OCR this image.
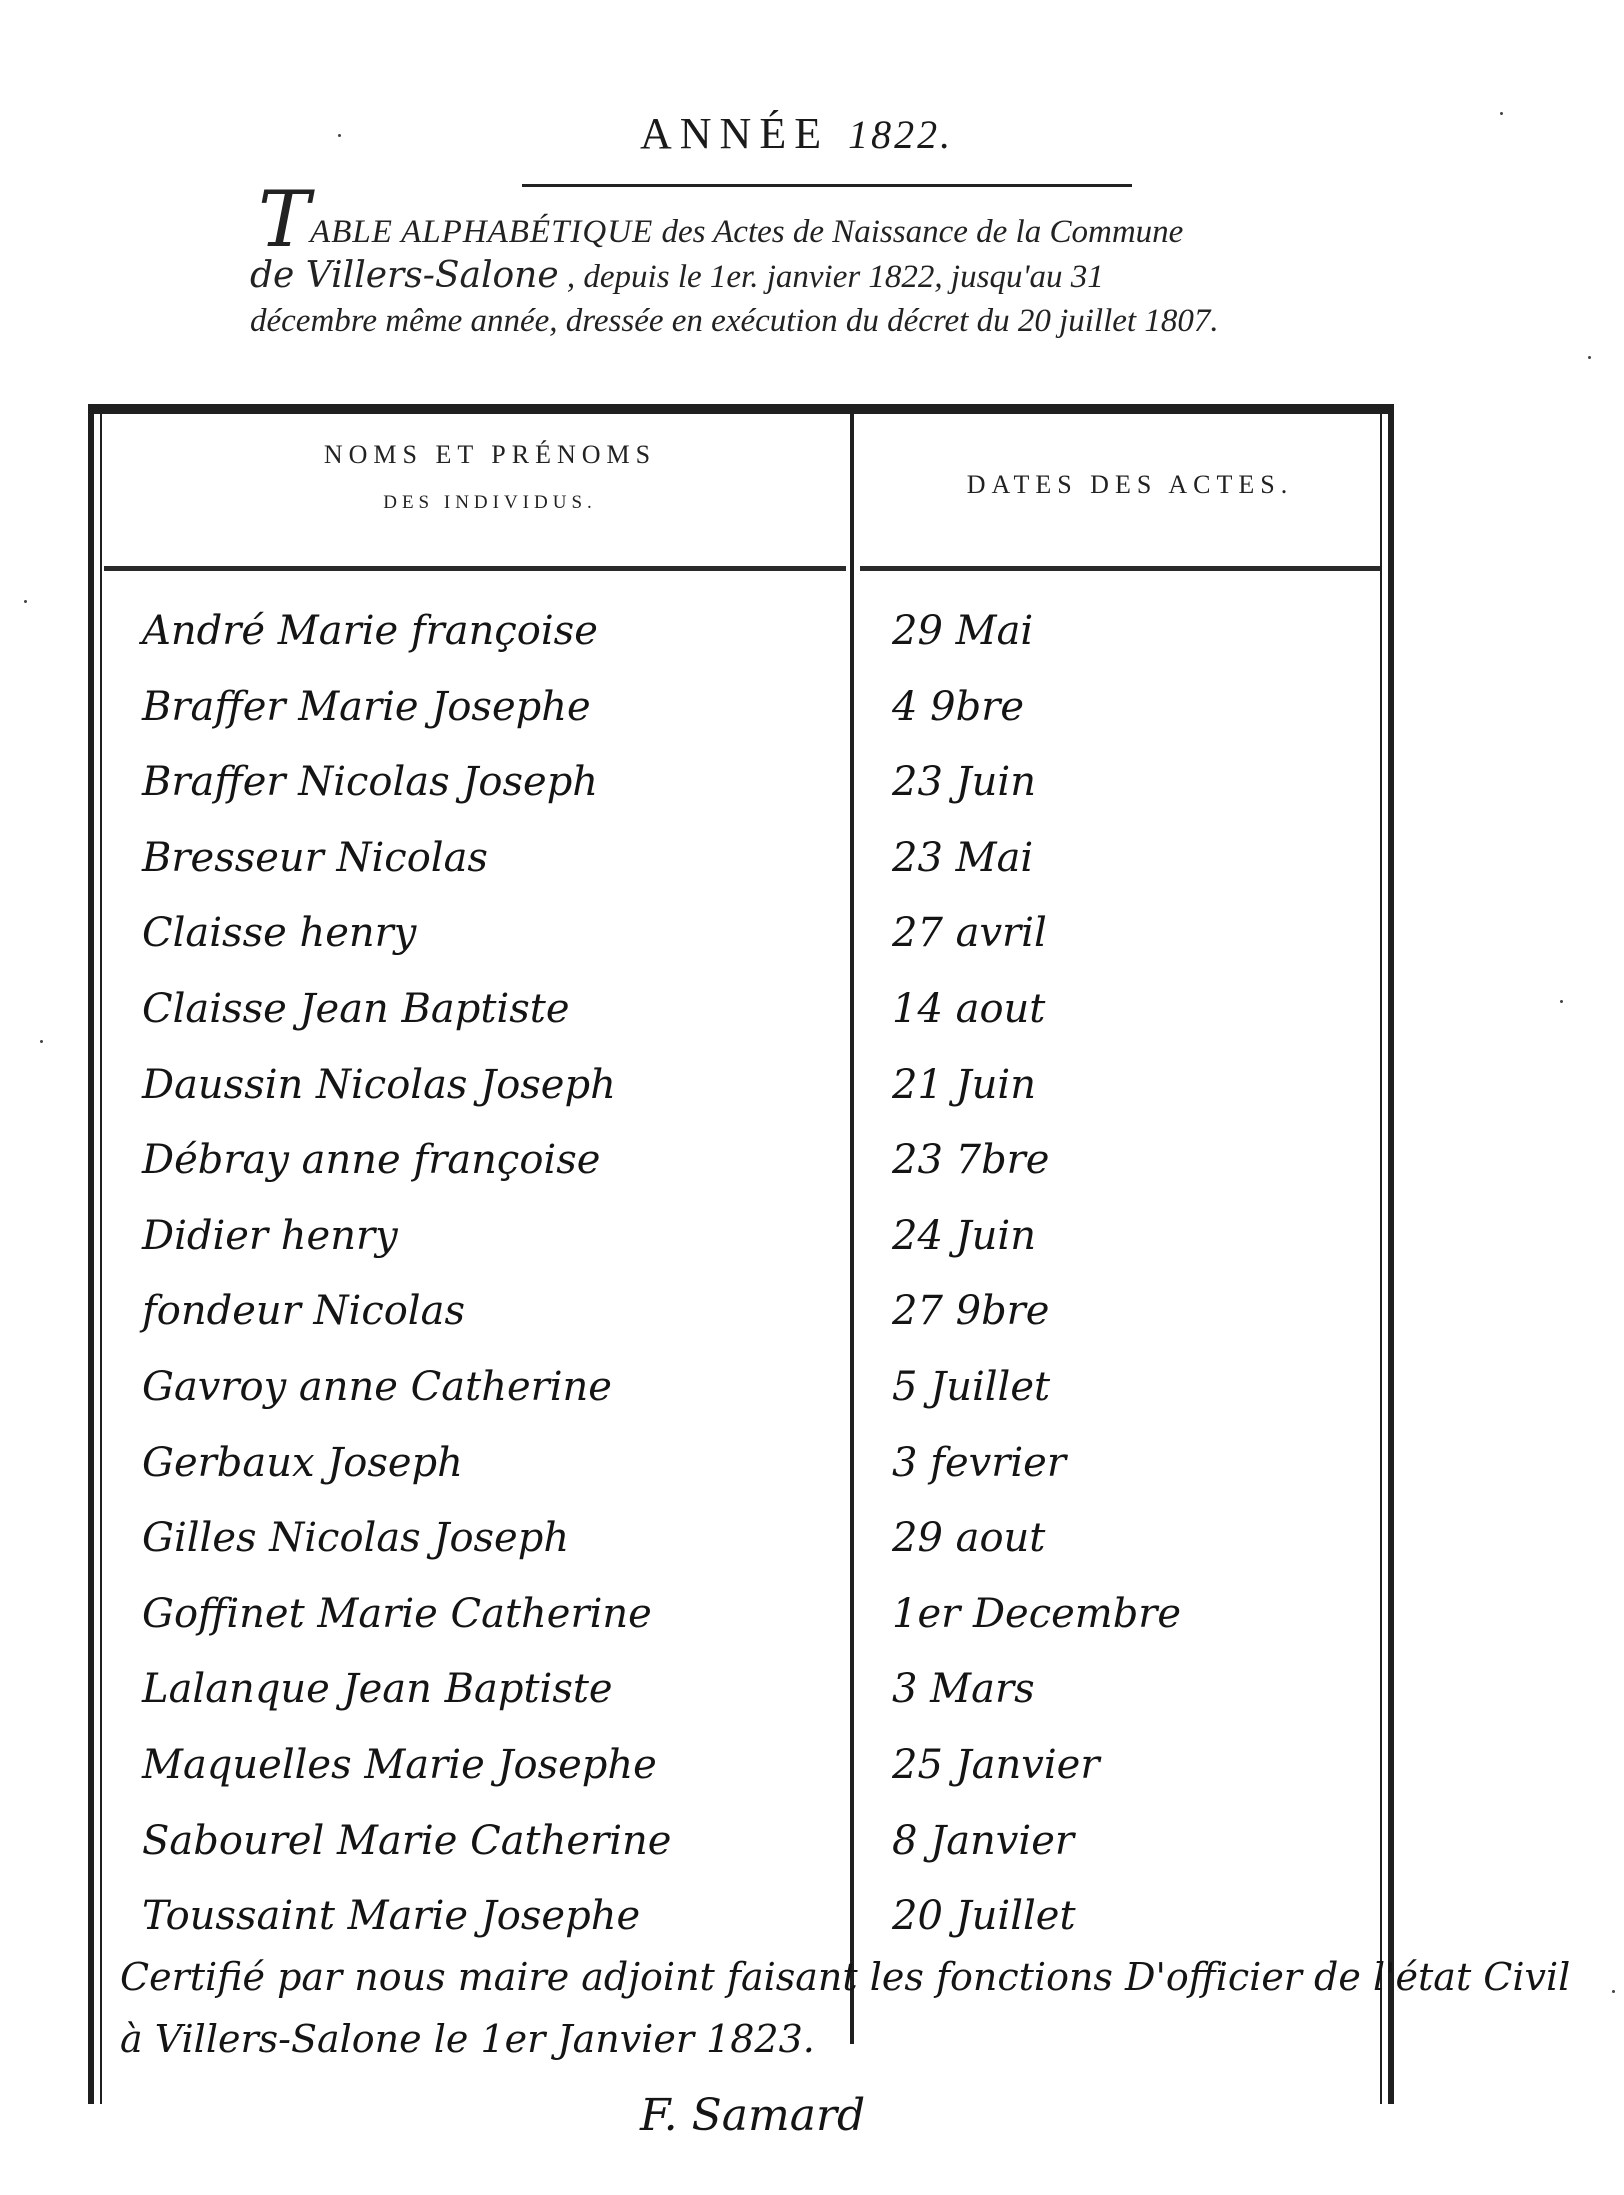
ANNÉE 1822.
TABLE ALPHABÉTIQUE des Actes de Naissance de la Commune
de Villers-Salone , depuis le 1er. janvier 1822, jusqu'au 31
décembre même année, dressée en exécution du décret du 20 juillet 1807.
NOMS ET PRÉNOMS
DES INDIVIDUS.
DATES DES ACTES.
André Marie françoise	29 Mai
Braffer Marie Josephe	4 9bre
Braffer Nicolas Joseph	23 Juin
Bresseur Nicolas	23 Mai
Claisse henry	27 avril
Claisse Jean Baptiste	14 aout
Daussin Nicolas Joseph	21 Juin
Débray anne françoise	23 7bre
Didier henry	24 Juin
fondeur Nicolas	27 9bre
Gavroy anne Catherine	5 Juillet
Gerbaux Joseph	3 fevrier
Gilles Nicolas Joseph	29 aout
Goffinet Marie Catherine	1er Decembre
Lalanque Jean Baptiste	3 Mars
Maquelles Marie Josephe	25 Janvier
Sabourel Marie Catherine	8 Janvier
Toussaint Marie Josephe	20 Juillet
Certifié par nous maire adjoint faisant les fonctions D'officier de l'état Civil
à Villers-Salone le 1er Janvier 1823.
F. Samard
